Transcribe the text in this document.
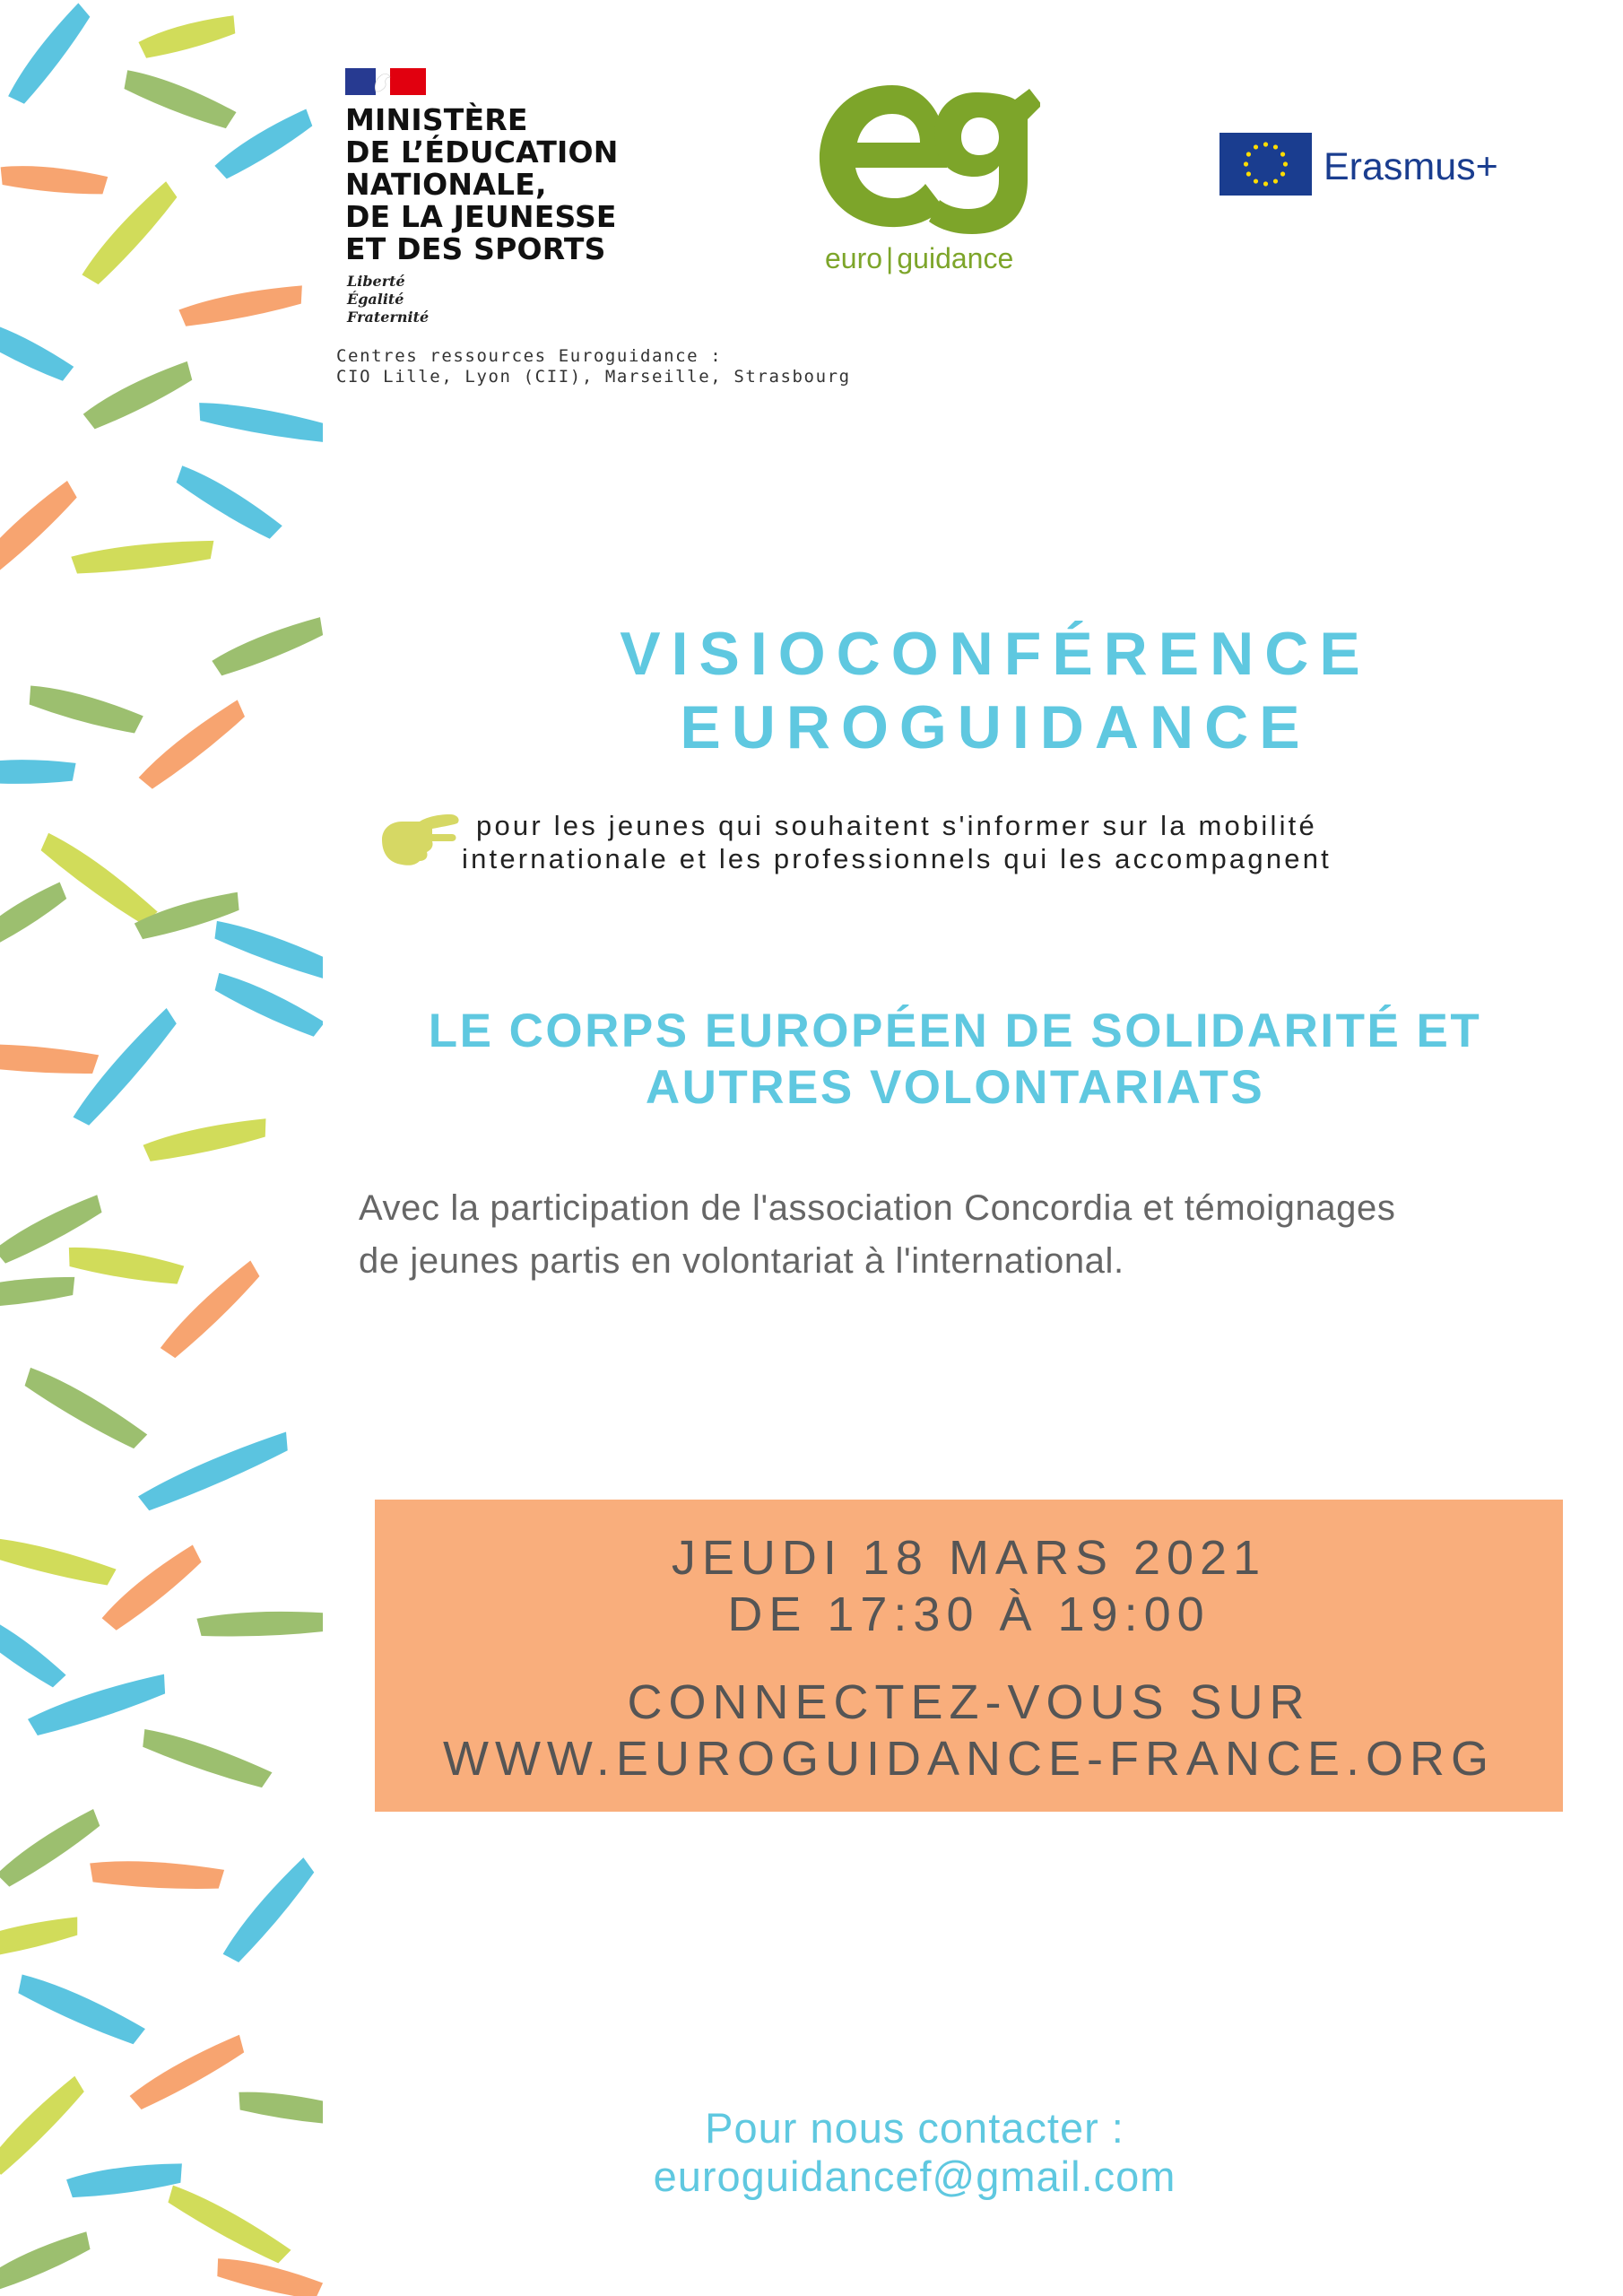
MINISTÈRE
DE L’ÉDUCATION
NATIONALE,
DE LA JEUNESSE
ET DES SPORTS
Liberté
Égalité
Fraternité
Centres ressources Euroguidance :
CIO Lille, Lyon (CII), Marseille, Strasbourg
euro | guidance
Erasmus+
VISIOCONFÉRENCE
EUROGUIDANCE
pour les jeunes qui souhaitent s'informer sur la mobilité
internationale et les professionnels qui les accompagnent
LE CORPS EUROPÉEN DE SOLIDARITÉ ET
AUTRES VOLONTARIATS
Avec la participation de l'association Concordia et témoignages
de jeunes partis en volontariat à l'international.
JEUDI 18 MARS 2021
DE 17:30 À 19:00
CONNECTEZ-VOUS SUR
WWW.EUROGUIDANCE-FRANCE.ORG
Pour nous contacter :
euroguidancef@gmail.com
